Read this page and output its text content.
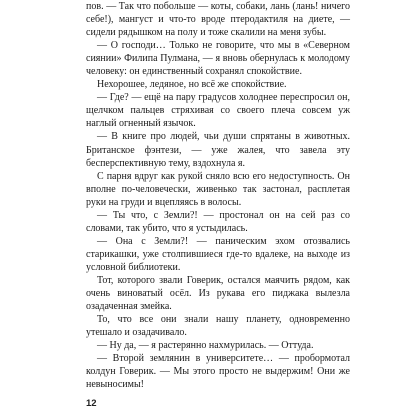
пов. — Так что побольше — коты, собаки, лань (лань! ничего себе!), мангуст и что-то вроде птеродактиля на диете, — сидели рядышком на полу и тоже скалили на меня зубы.

— О господи… Только не говорите, что мы в «Северном сиянии» Филипа Пулмана, — я вновь обернулась к молодому человеку: он единственный сохранял спокойствие.

Нехорошее, ледяное, но всё же спокойствие.

— Где? — ещё на пару градусов холоднее переспросил он, щелчком пальцев стряхивая со своего плеча совсем уж наглый огненный язычок.

— В книге про людей, чьи души спрятаны в животных. Британское фэнтези, — уже жалея, что завела эту бесперспективную тему, вздохнула я.

С парня вдруг как рукой сняло всю его недоступность. Он вполне по-человечески, живенько так застонал, расплетая руки на груди и вцепляясь в волосы.

— Ты что, с Земли?! — простонал он на сей раз со словами, так убито, что я устыдилась.

— Она с Земли?! — паническим эхом отозвались старикашки, уже столпившиеся где-то вдалеке, на выходе из условной библиотеки.

Тот, которого звали Говерик, остался маячить рядом, как очень виноватый осёл. Из рукава его пиджака вылезла озадаченная змейка.

То, что все они знали нашу планету, одновременно утешало и озадачивало.

— Ну да, — я растерянно нахмурилась. — Оттуда.

— Второй землянин в университете… — пробормотал колдун Говерик. — Мы этого просто не выдержим! Они же невыносимы!

12
